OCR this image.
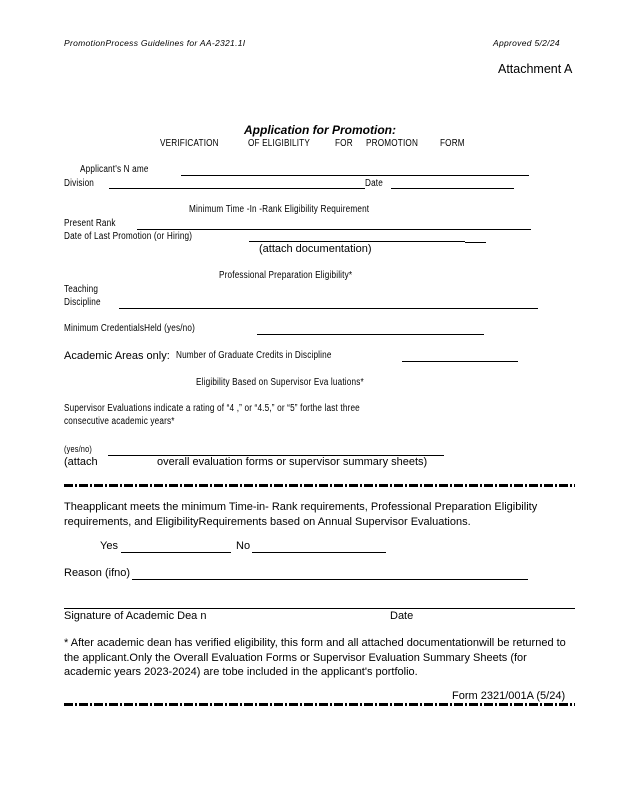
PromotionProcess Guidelines for AA-2321.1I	Approved 5/2/24
Attachment A
Application for Promotion:
VERIFICATION	OF ELIGIBILITY	FOR PROMOTION FORM
Applicant's N ame
Division	Date
Minimum Time -In -Rank Eligibility Requirement
Present Rank
Date of Last Promotion (or Hiring)
(attach documentation)
Professional Preparation Eligibility*
Teaching
Discipline
Minimum CredentialsHeld (yes/no)
Academic Areas only: Number of Graduate Credits in Discipline
Eligibility Based on Supervisor Eva luations*
Supervisor Evaluations indicate a rating of “4 ,” or “4.5,” or “5” forthe last three
consecutive academic years*
(yes/no)
(attach	overall evaluation forms or supervisor summary sheets)
Theapplicant meets the minimum Time-in- Rank requirements, Professional Preparation Eligibility requirements, and EligibilityRequirements based on Annual Supervisor Evaluations.
Yes	No
Reason (ifno)
Signature of Academic Dea n	Date
* After academic dean has verified eligibility, this form and all attached documentationwill be returned to the applicant.Only the Overall Evaluation Forms or Supervisor Evaluation Summary Sheets (for academic years 2023-2024) are tobe included in the applicant's portfolio.
Form 2321/001A (5/24)
